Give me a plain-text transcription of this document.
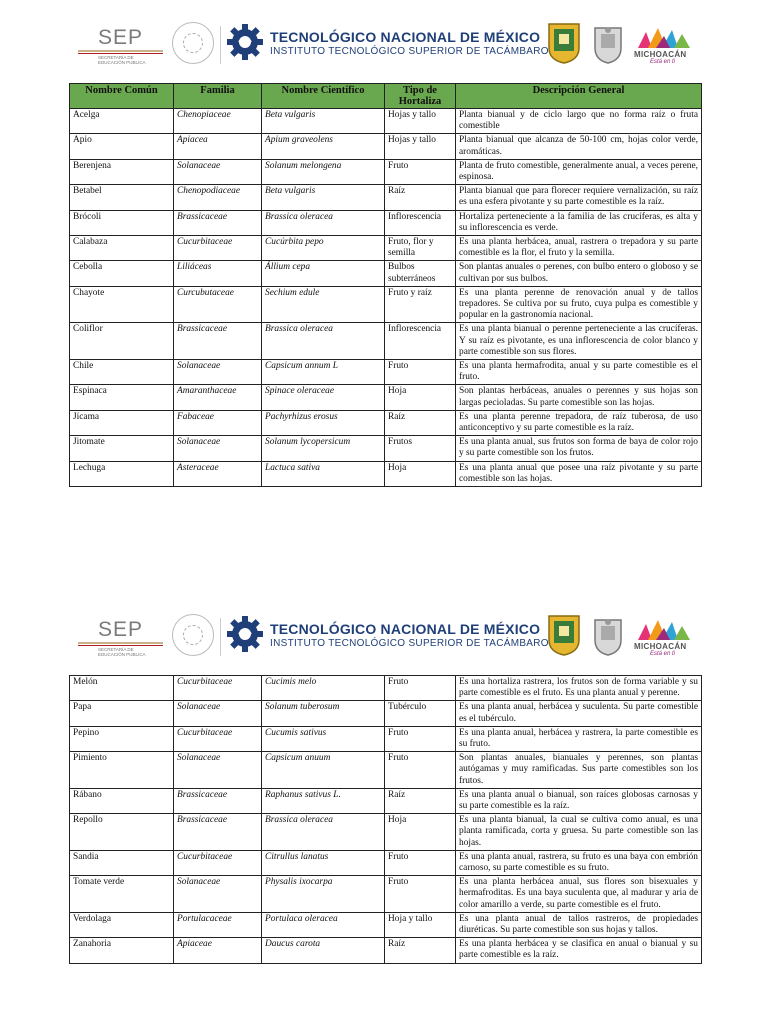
SEP
SECRETARÍA DE
EDUCACIÓN PÚBLICA
TECNOLÓGICO NACIONAL DE MÉXICO
INSTITUTO TECNOLÓGICO SUPERIOR DE TACÁMBARO	MICHOACÁN
Está en ti
Nombre Común	Familia	Nombre Científico	Tipo de Hortaliza	Descripción General
Acelga	Chenopiaceae	Beta vulgaris	Hojas y tallo	Planta bianual y de ciclo largo que no forma raíz o fruta comestible
Apio	Apiacea	Apium graveolens	Hojas y tallo	Planta bianual que alcanza de 50-100 cm, hojas color verde, aromáticas.
Berenjena	Solanaceae	Solanum melongena	Fruto	Planta de fruto comestible, generalmente anual, a veces perene, espinosa.
Betabel	Chenopodiaceae	Beta vulgaris	Raíz	Planta bianual que para florecer requiere vernalización, su raíz es una esfera pivotante y su parte comestible es la raíz.
Brócoli	Brassicaceae	Brassica oleracea	Inflorescencia	Hortaliza perteneciente a la familia de las crucíferas, es alta y su inflorescencia es verde.
Calabaza	Cucurbitaceae	Cucúrbita pepo	Fruto, flor y semilla	Es una planta herbácea, anual, rastrera o trepadora y su parte comestible es la flor, el fruto y la semilla.
Cebolla	Liliáceas	Állium cepa	Bulbos subterráneos	Son plantas anuales o perenes, con bulbo entero o globoso y se cultivan por sus bulbos.
Chayote	Curcubutaceae	Sechium edule	Fruto y raíz	Es una planta perenne de renovación anual y de tallos trepadores. Se cultiva por su fruto, cuya pulpa es comestible y popular en la gastronomía nacional.
Coliflor	Brassicaceae	Brassica oleracea	Inflorescencia	Es una planta bianual o perenne perteneciente a las crucíferas. Y su raíz es pivotante, es una inflorescencia de color blanco y parte comestible son sus flores.
Chile	Solanaceae	Capsicum annum L	Fruto	Es una planta hermafrodita, anual y su parte comestible es el fruto.
Espinaca	Amaranthaceae	Spinace oleraceae	Hoja	Son plantas herbáceas, anuales o perennes y sus hojas son largas pecioladas. Su parte comestible son las hojas.
Jícama	Fabaceae	Pachyrhizus erosus	Raíz	Es una planta perenne trepadora, de raíz tuberosa, de uso anticonceptivo y su parte comestible es la raíz.
Jitomate	Solanaceae	Solanum lycopersicum	Frutos	Es una planta anual, sus frutos son forma de baya de color rojo y su parte comestible son los frutos.
Lechuga	Asteraceae	Lactuca sativa	Hoja	Es una planta anual que posee una raíz pivotante y su parte comestible son las hojas.
SEP
SECRETARÍA DE
EDUCACIÓN PÚBLICA
TECNOLÓGICO NACIONAL DE MÉXICO
INSTITUTO TECNOLÓGICO SUPERIOR DE TACÁMBARO	MICHOACÁN
Está en ti
Melón	Cucurbitaceae	Cucimis melo	Fruto	Es una hortaliza rastrera, los frutos son de forma variable y su parte comestible es el fruto. Es una planta anual y perenne.
Papa	Solanaceae	Solanum tuberosum	Tubérculo	Es una planta anual, herbácea y suculenta. Su parte comestible es el tubérculo.
Pepino	Cucurbitaceae	Cucumis sativus	Fruto	Es una planta anual, herbácea y rastrera, la parte comestible es su fruto.
Pimiento	Solanaceae	Capsicum anuum	Fruto	Son plantas anuales, bianuales y perennes, son plantas autógamas y muy ramificadas. Sus parte comestibles son los frutos.
Rábano	Brassicaceae	Raphanus sativus L.	Raíz	Es una planta anual o bianual, son raíces globosas carnosas y su parte comestible es la raíz.
Repollo	Brassicaceae	Brassica oleracea	Hoja	Es una planta bianual, la cual se cultiva como anual, es una planta ramificada, corta y gruesa. Su parte comestible son las hojas.
Sandia	Cucurbitaceae	Citrullus lanatus	Fruto	Es una planta anual, rastrera, su fruto es una baya con embrión carnoso, su parte comestible es su fruto.
Tomate verde	Solanaceae	Physalis ixocarpa	Fruto	Es una planta herbácea anual, sus flores son bisexuales y hermafroditas. Es una baya suculenta que, al madurar y aria de color amarillo a verde, su parte comestible es el fruto.
Verdolaga	Portulacaceae	Portulaca oleracea	Hoja y tallo	Es una planta anual de tallos rastreros, de propiedades diuréticas. Su parte comestible son sus hojas y tallos.
Zanahoria	Apiaceae	Daucus carota	Raíz	Es una planta herbácea y se clasifica en anual o bianual y su parte comestible es la raíz.
